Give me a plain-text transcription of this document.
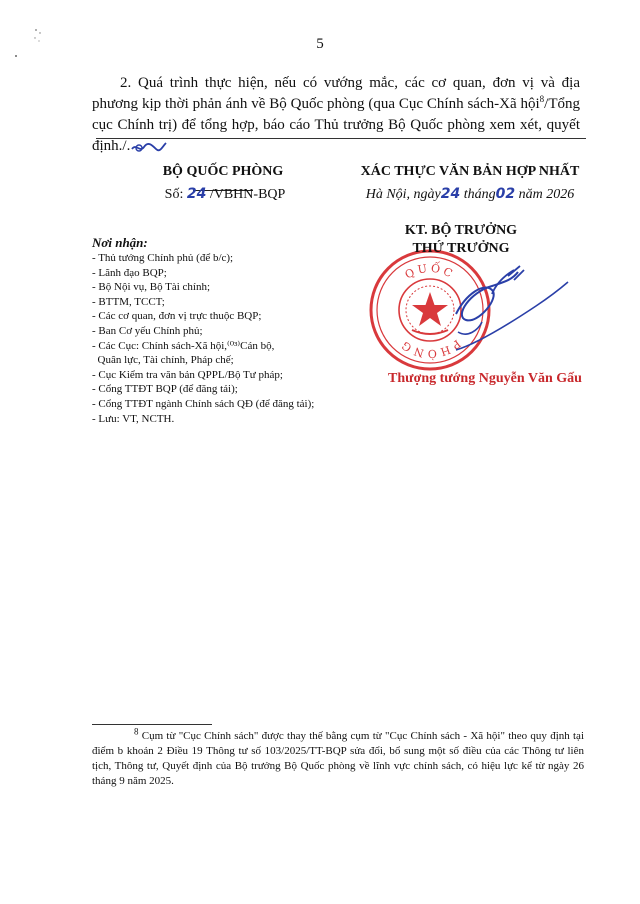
5
2. Quá trình thực hiện, nếu có vướng mắc, các cơ quan, đơn vị và địa phương kịp thời phản ánh về Bộ Quốc phòng (qua Cục Chính sách-Xã hội$^8$/Tổng cục Chính trị) để tổng hợp, báo cáo Thủ trưởng Bộ Quốc phòng xem xét, quyết định./.
BỘ QUỐC PHÒNG
Số: 24 /VBHN-BQP
XÁC THỰC VĂN BẢN HỢP NHẤT
Hà Nội, ngày24 tháng02 năm 2026
Nơi nhận:
- Thủ tướng Chính phủ (để b/c);
- Lãnh đạo BQP;
- Bộ Nội vụ, Bộ Tài chính;
- BTTM, TCCT;
- Các cơ quan, đơn vị trực thuộc BQP;
- Ban Cơ yếu Chính phủ;
- Các Cục: Chính sách-Xã hội,⁽⁰³⁾Cán bộ,
Quân lực, Tài chính, Pháp chế;
- Cục Kiểm tra văn bản QPPL/Bộ Tư pháp;
- Cổng TTĐT BQP (để đăng tải);
- Cổng TTĐT ngành Chính sách QĐ (để đăng tải);
- Lưu: VT, NCTH.
QUỐC
PHÒNG
KT. BỘ TRƯỞNG
THỨ TRƯỞNG
Thượng tướng Nguyễn Văn Gấu
$^8$ Cụm từ "Cục Chính sách" được thay thế bằng cụm từ "Cục Chính sách - Xã hội" theo quy định tại điểm b khoản 2 Điều 19 Thông tư số 103/2025/TT-BQP sửa đổi, bổ sung một số điều của các Thông tư liên tịch, Thông tư, Quyết định của Bộ trưởng Bộ Quốc phòng về lĩnh vực chính sách, có hiệu lực kể từ ngày 26 tháng 9 năm 2025.
